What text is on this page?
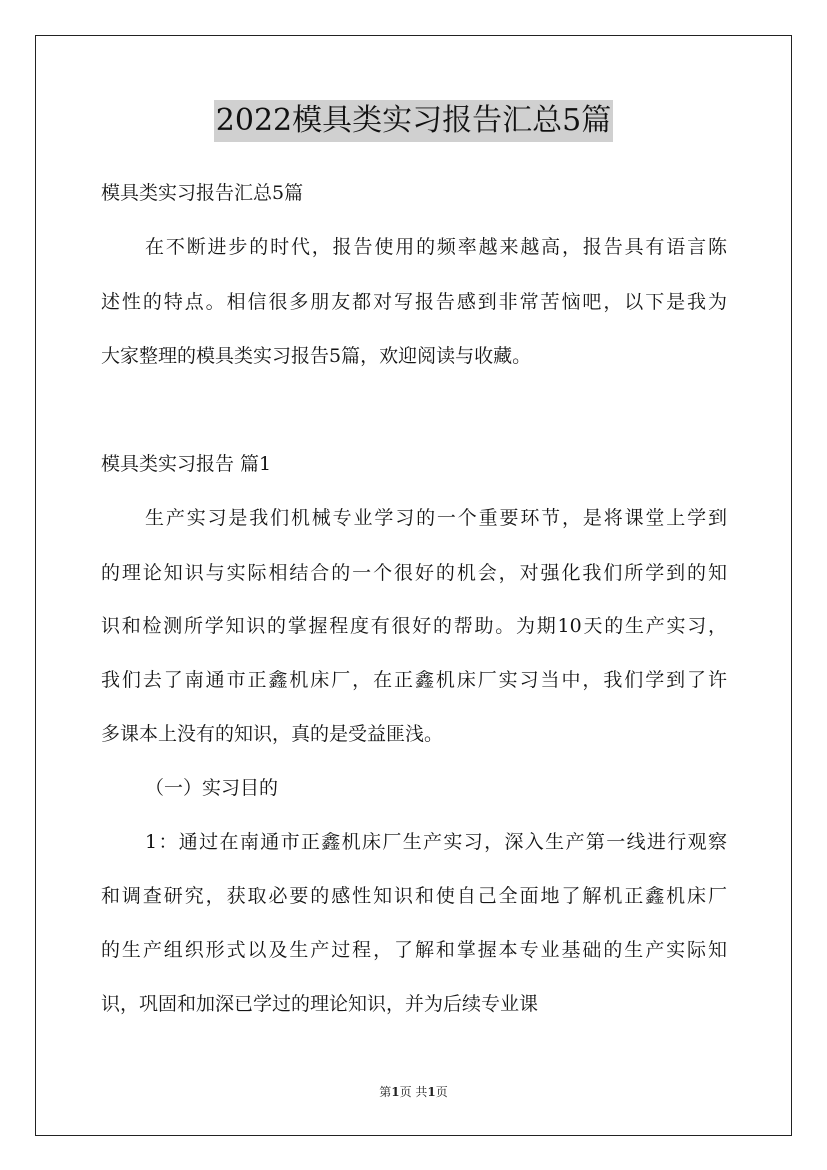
2022模具类实习报告汇总5篇
模具类实习报告汇总5篇
在不断进步的时代，报告使用的频率越来越高，报告具有语言陈
述性的特点。相信很多朋友都对写报告感到非常苦恼吧，以下是我为
大家整理的模具类实习报告5篇，欢迎阅读与收藏。
模具类实习报告 篇1
生产实习是我们机械专业学习的一个重要环节，是将课堂上学到
的理论知识与实际相结合的一个很好的机会，对强化我们所学到的知
识和检测所学知识的掌握程度有很好的帮助。为期10天的生产实习，
我们去了南通市正鑫机床厂，在正鑫机床厂实习当中，我们学到了许
多课本上没有的知识，真的是受益匪浅。
（一）实习目的
1：通过在南通市正鑫机床厂生产实习，深入生产第一线进行观察
和调查研究，获取必要的感性知识和使自己全面地了解机正鑫机床厂
的生产组织形式以及生产过程，了解和掌握本专业基础的生产实际知
识，巩固和加深已学过的理论知识，并为后续专业课
第1页 共1页
